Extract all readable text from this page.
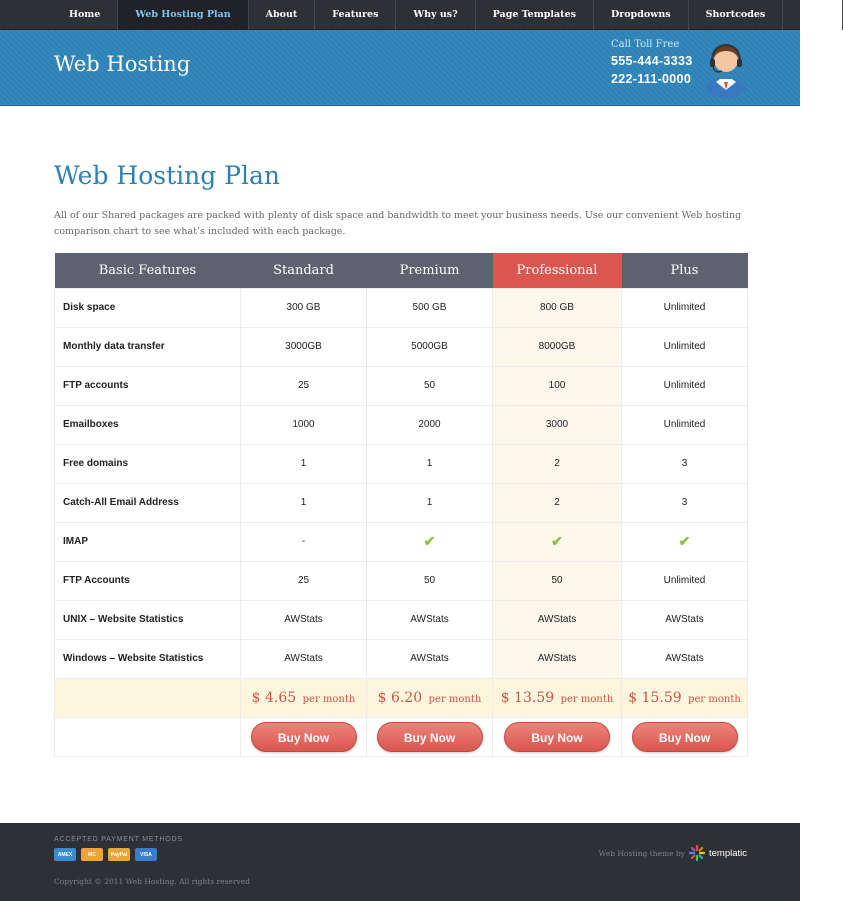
Home	Web Hosting Plan	About	Features	Why us?	Page Templates	Dropdowns	Shortcodes	Blog
Web Hosting
Call Toll Free
555-444-3333
222-111-0000
Web Hosting Plan

All of our Shared packages are packed with plenty of disk space and bandwidth to meet your business needs. Use our convenient Web hosting comparison chart to see what’s included with each package.

Basic Features	Standard	Premium	Professional	Plus
Disk space	300 GB	500 GB	800 GB	Unlimited
Monthly data transfer	3000GB	5000GB	8000GB	Unlimited
FTP accounts	25	50	100	Unlimited
Emailboxes	1000	2000	3000	Unlimited
Free domains	1	1	2	3
Catch-All Email Address	1	1	2	3
IMAP	-	✔	✔	✔
FTP Accounts	25	50	50	Unlimited
UNIX – Website Statistics	AWStats	AWStats	AWStats	AWStats
Windows – Website Statistics	AWStats	AWStats	AWStats	AWStats
	$ 4.65 per month	$ 6.20 per month	$ 13.59 per month	$ 15.59 per month
	Buy Now	Buy Now	Buy Now	Buy Now
ACCEPTED PAYMENT METHODS
AMEX	MC	PayPal	VISA
Copyright © 2011 Web Hosting. All rights reserved
Web Hosting theme by	templatic
